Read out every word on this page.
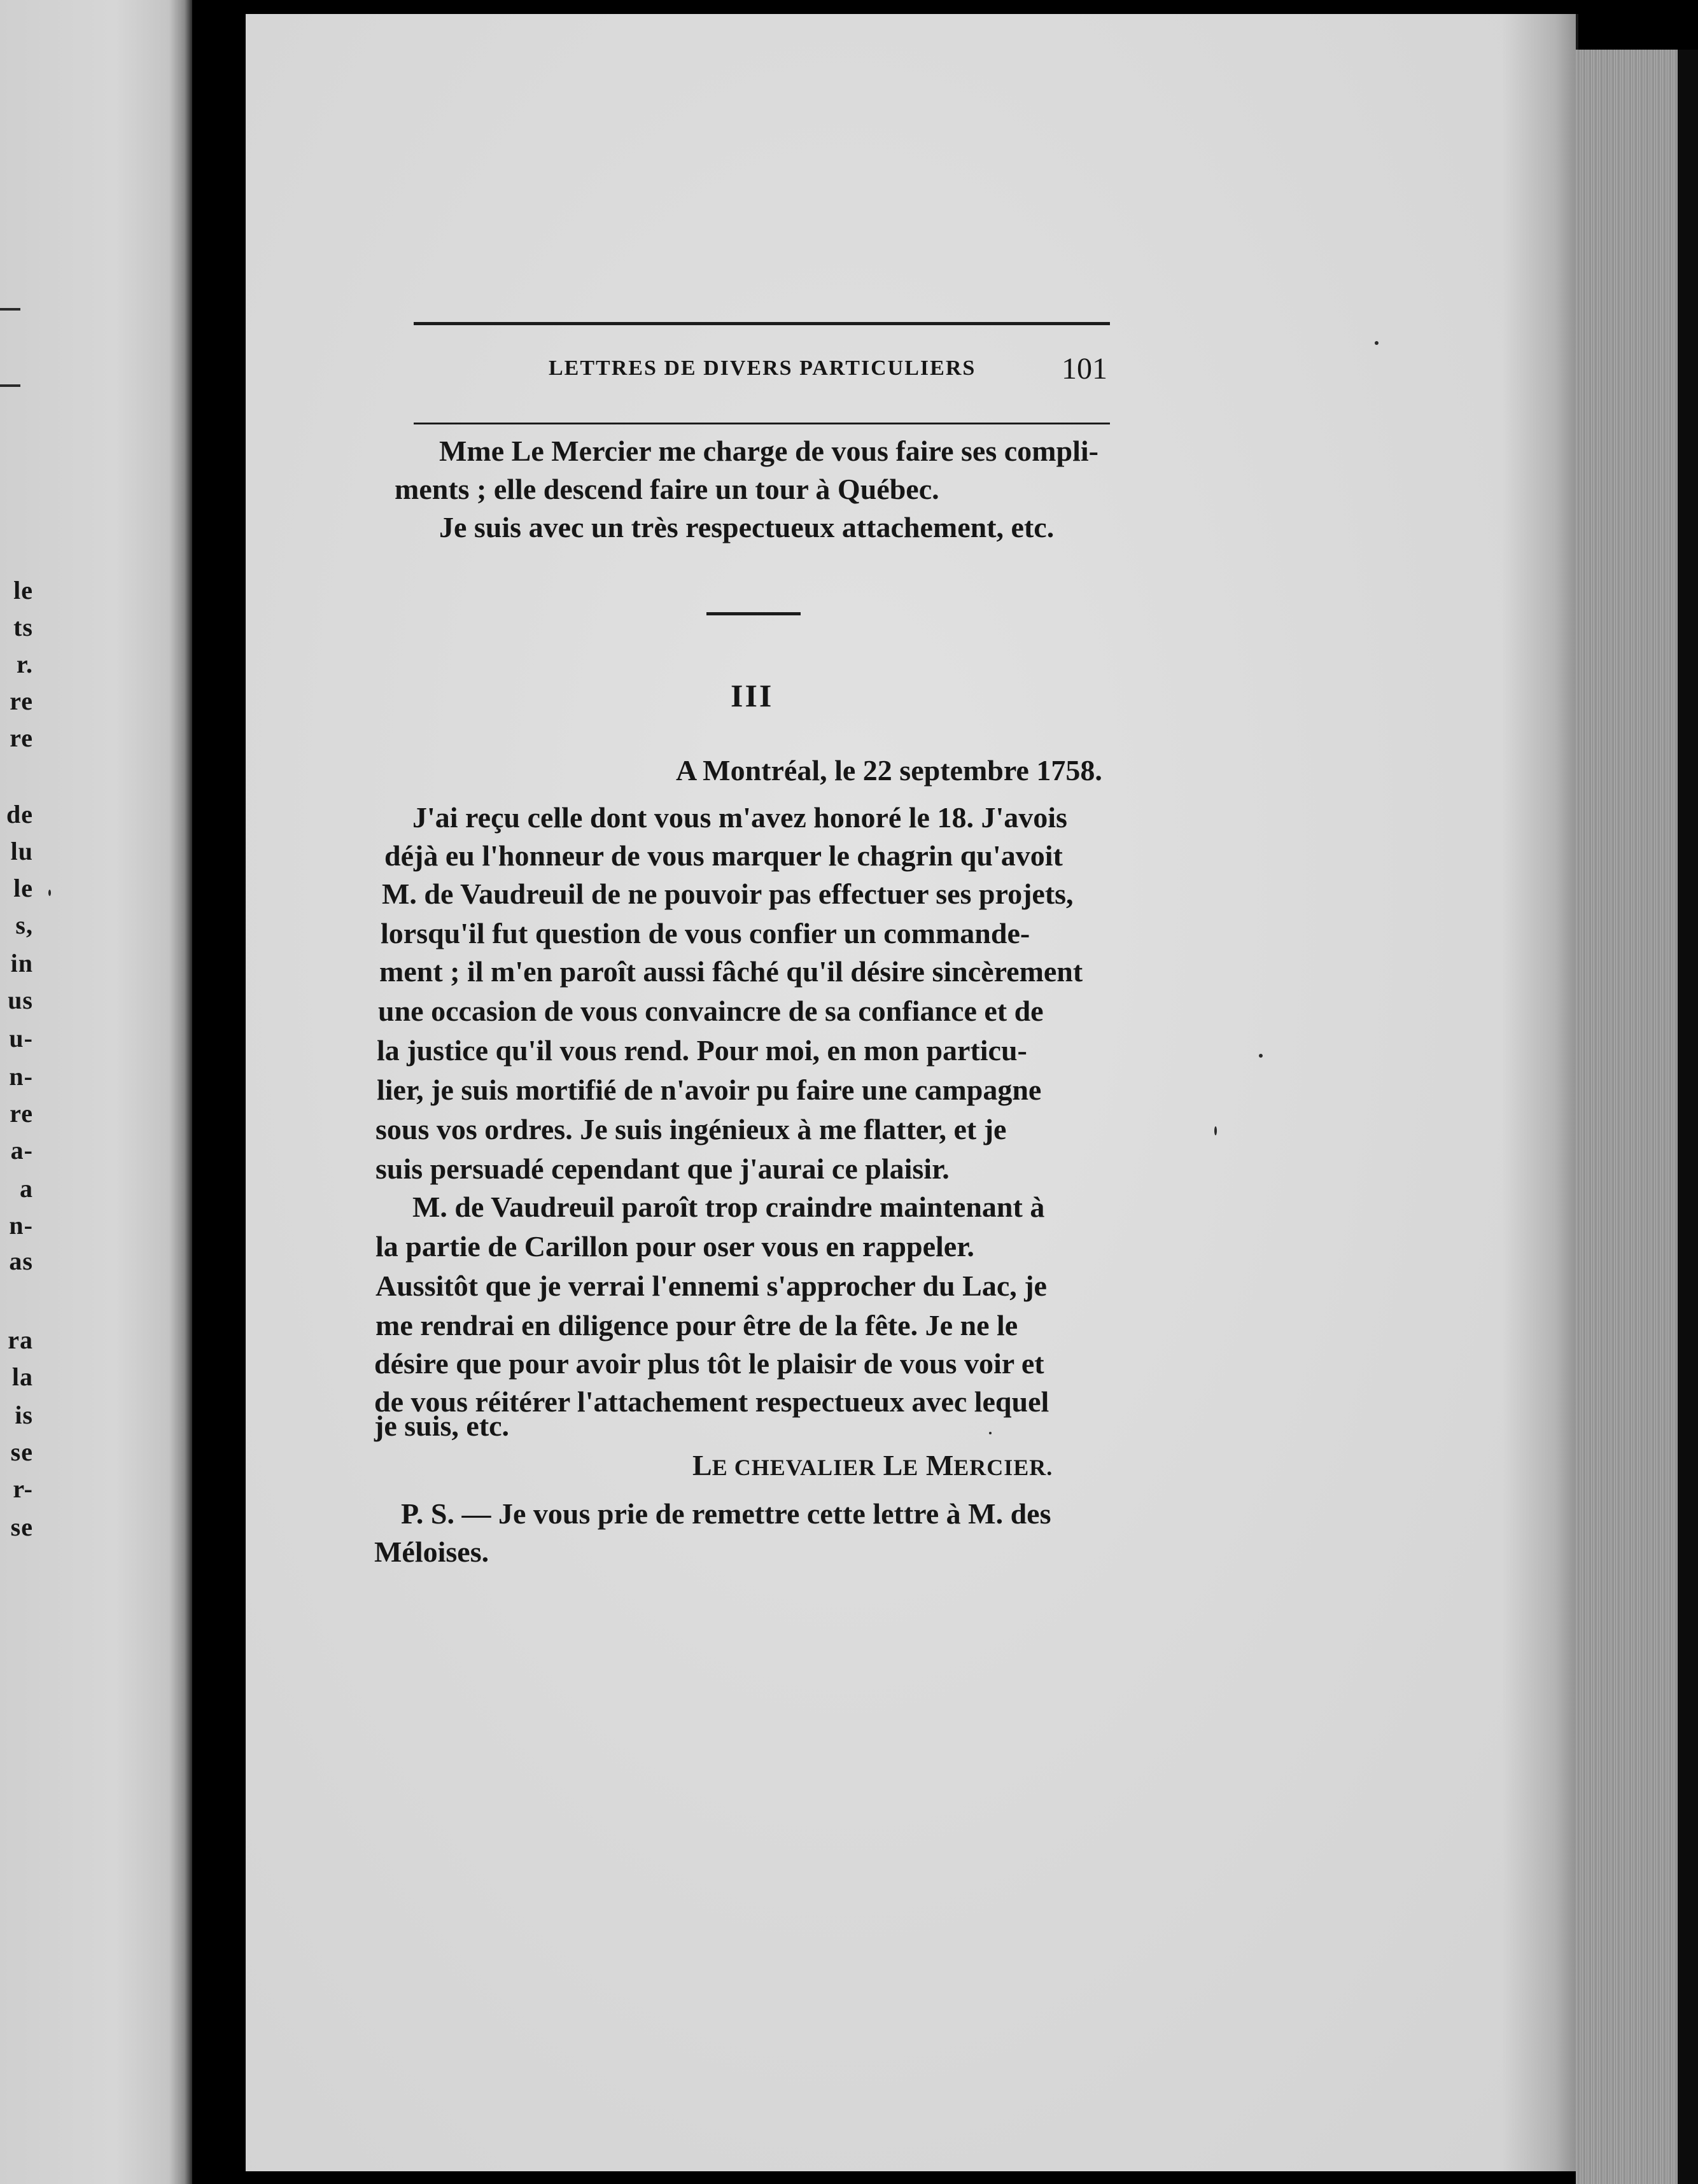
le
ts
r.
re
re
de
lu
le
s,
in
us
u-
n-
re
a-
a
n-
as
ra
la
is
se
r-
se
LETTRES DE DIVERS PARTICULIERS	101
Mme Le Mercier me charge de vous faire ses compli-
ments ; elle descend faire un tour à Québec.
Je suis avec un très respectueux attachement, etc.
III
A Montréal, le 22 septembre 1758.
J'ai reçu celle dont vous m'avez honoré le 18. J'avois
déjà eu l'honneur de vous marquer le chagrin qu'avoit
M. de Vaudreuil de ne pouvoir pas effectuer ses projets,
lorsqu'il fut question de vous confier un commande-
ment ; il m'en paroît aussi fâché qu'il désire sincèrement
une occasion de vous convaincre de sa confiance et de
la justice qu'il vous rend. Pour moi, en mon particu-
lier, je suis mortifié de n'avoir pu faire une campagne
sous vos ordres. Je suis ingénieux à me flatter, et je
suis persuadé cependant que j'aurai ce plaisir.
M. de Vaudreuil paroît trop craindre maintenant à
la partie de Carillon pour oser vous en rappeler.
Aussitôt que je verrai l'ennemi s'approcher du Lac, je
me rendrai en diligence pour être de la fête. Je ne le
désire que pour avoir plus tôt le plaisir de vous voir et
de vous réitérer l'attachement respectueux avec lequel
je suis, etc.
LE CHEVALIER LE MERCIER.
P. S. — Je vous prie de remettre cette lettre à M. des
Méloises.
